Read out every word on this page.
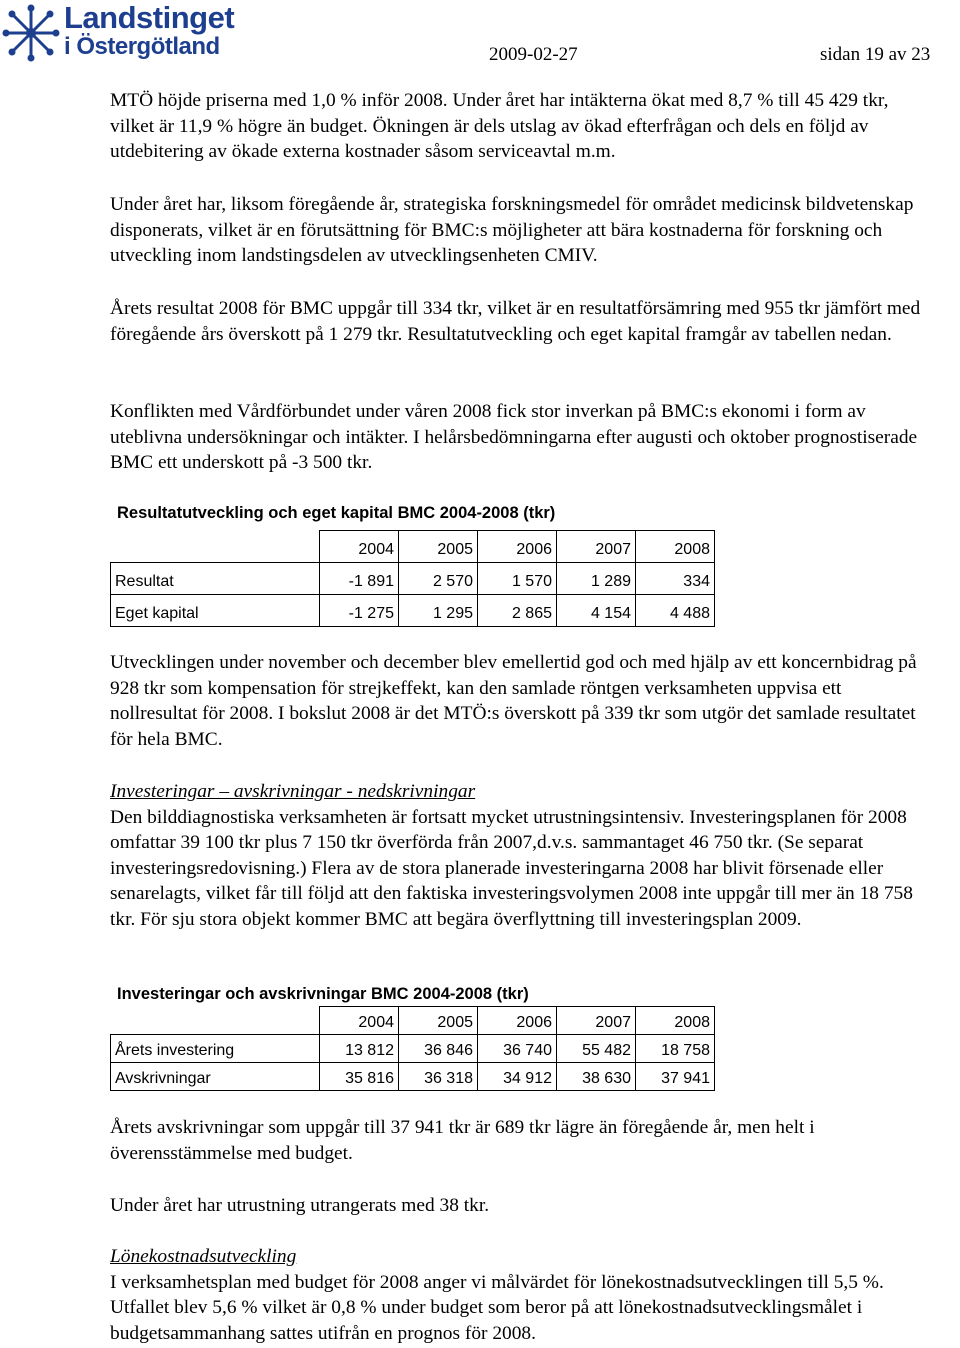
Landstinget
i Östergötland	2009-02-27	sidan 19 av 23

MTÖ höjde priserna med 1,0 % inför 2008. Under året har intäkterna ökat med 8,7 % till 45 429 tkr, vilket är 11,9 % högre än budget. Ökningen är dels utslag av ökad efterfrågan och dels en följd av utdebitering av ökade externa kostnader såsom serviceavtal m.m.

Under året har, liksom föregående år, strategiska forskningsmedel för området medicinsk bildvetenskap disponerats, vilket är en förutsättning för BMC:s möjligheter att bära kostnaderna för forskning och utveckling inom landstingsdelen av utvecklingsenheten CMIV.

Årets resultat 2008 för BMC uppgår till 334 tkr, vilket är en resultatförsämring med 955 tkr jämfört med föregående års överskott på 1 279 tkr. Resultatutveckling och eget kapital framgår av tabellen nedan.

Konflikten med Vårdförbundet under våren 2008 fick stor inverkan på BMC:s ekonomi i form av uteblivna undersökningar och intäkter. I helårsbedömningarna efter augusti och oktober prognostiserade BMC ett underskott på -3 500 tkr.

Resultatutveckling och eget kapital BMC 2004-2008 (tkr)
	2004	2005	2006	2007	2008
Resultat	-1 891	2 570	1 570	1 289	334
Eget kapital	-1 275	1 295	2 865	4 154	4 488

Utvecklingen under november och december blev emellertid god och med hjälp av ett koncernbidrag på 928 tkr som kompensation för strejkeffekt, kan den samlade röntgen verksamheten uppvisa ett nollresultat för 2008. I bokslut 2008 är det MTÖ:s överskott på 339 tkr som utgör det samlade resultatet för hela BMC.

Investeringar – avskrivningar - nedskrivningar
Den bilddiagnostiska verksamheten är fortsatt mycket utrustningsintensiv. Investeringsplanen för 2008 omfattar 39 100 tkr plus 7 150 tkr överförda från 2007,d.v.s. sammantaget 46 750 tkr. (Se separat investeringsredovisning.) Flera av de stora planerade investeringarna 2008 har blivit försenade eller senarelagts, vilket får till följd att den faktiska investeringsvolymen 2008 inte uppgår till mer än 18 758 tkr. För sju stora objekt kommer BMC att begära överflyttning till investeringsplan 2009.
Investeringar och avskrivningar BMC 2004-2008 (tkr)
	2004	2005	2006	2007	2008
Årets investering	13 812	36 846	36 740	55 482	18 758
Avskrivningar	35 816	36 318	34 912	38 630	37 941

Årets avskrivningar som uppgår till 37 941 tkr är 689 tkr lägre än föregående år, men helt i överensstämmelse med budget.

Under året har utrustning utrangerats med 38 tkr.

Lönekostnadsutveckling
I verksamhetsplan med budget för 2008 anger vi målvärdet för lönekostnadsutvecklingen till 5,5 %. Utfallet blev 5,6 % vilket är 0,8 % under budget som beror på att lönekostnadsutvecklingsmålet i budgetsammanhang sattes utifrån en prognos för 2008.
